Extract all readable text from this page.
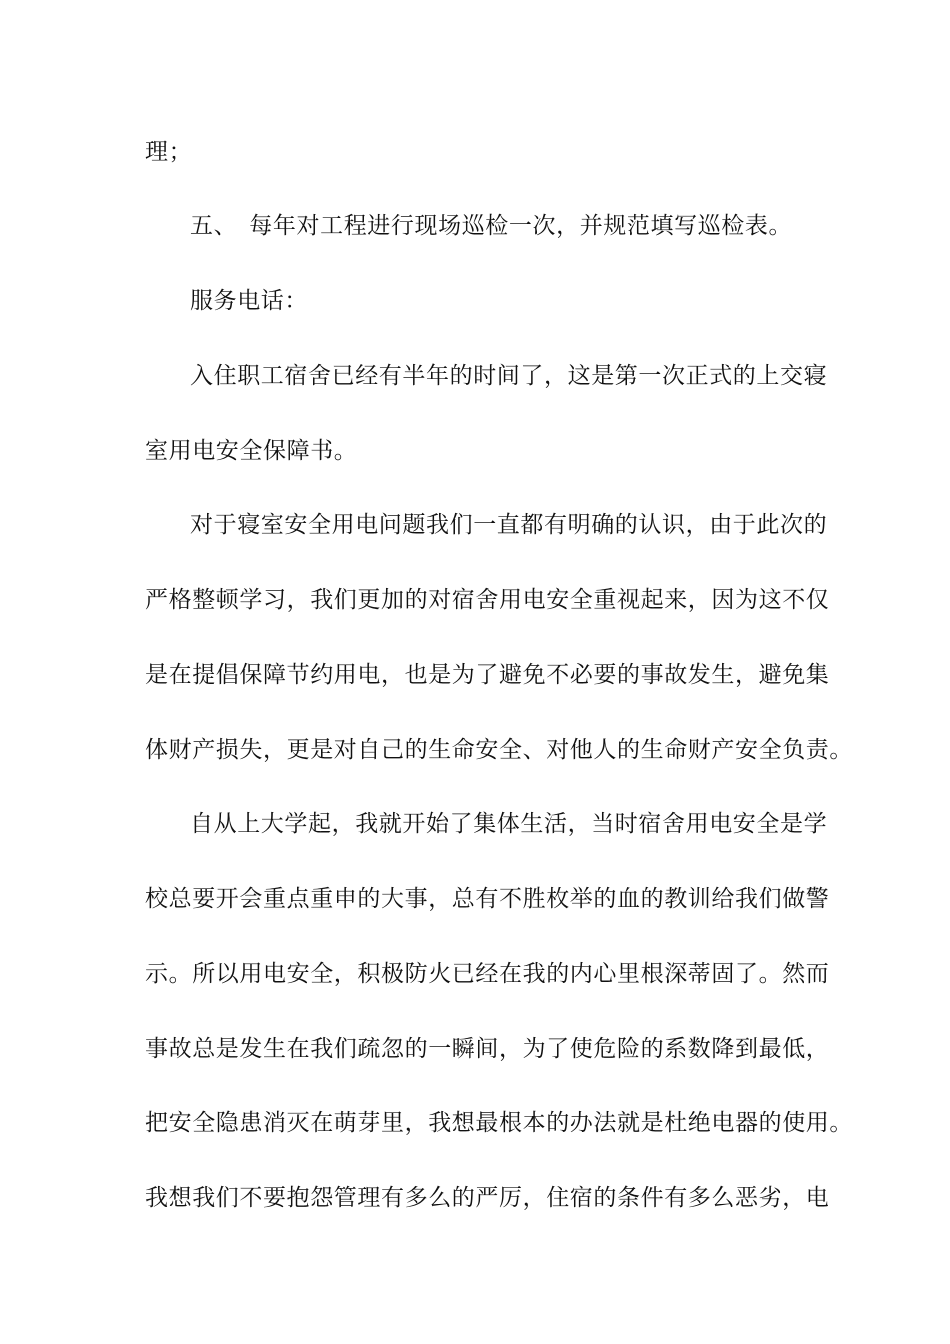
理；
五、　每年对工程进行现场巡检一次，并规范填写巡检表。
服务电话：
入住职工宿舍已经有半年的时间了，这是第一次正式的上交寝
室用电安全保障书。
对于寝室安全用电问题我们一直都有明确的认识，由于此次的
严格整顿学习，我们更加的对宿舍用电安全重视起来，因为这不仅
是在提倡保障节约用电，也是为了避免不必要的事故发生，避免集
体财产损失，更是对自己的生命安全、对他人的生命财产安全负责。
自从上大学起，我就开始了集体生活，当时宿舍用电安全是学
校总要开会重点重申的大事，总有不胜枚举的血的教训给我们做警
示。所以用电安全，积极防火已经在我的内心里根深蒂固了。然而
事故总是发生在我们疏忽的一瞬间，为了使危险的系数降到最低，
把安全隐患消灭在萌芽里，我想最根本的办法就是杜绝电器的使用。
我想我们不要抱怨管理有多么的严厉，住宿的条件有多么恶劣，电
